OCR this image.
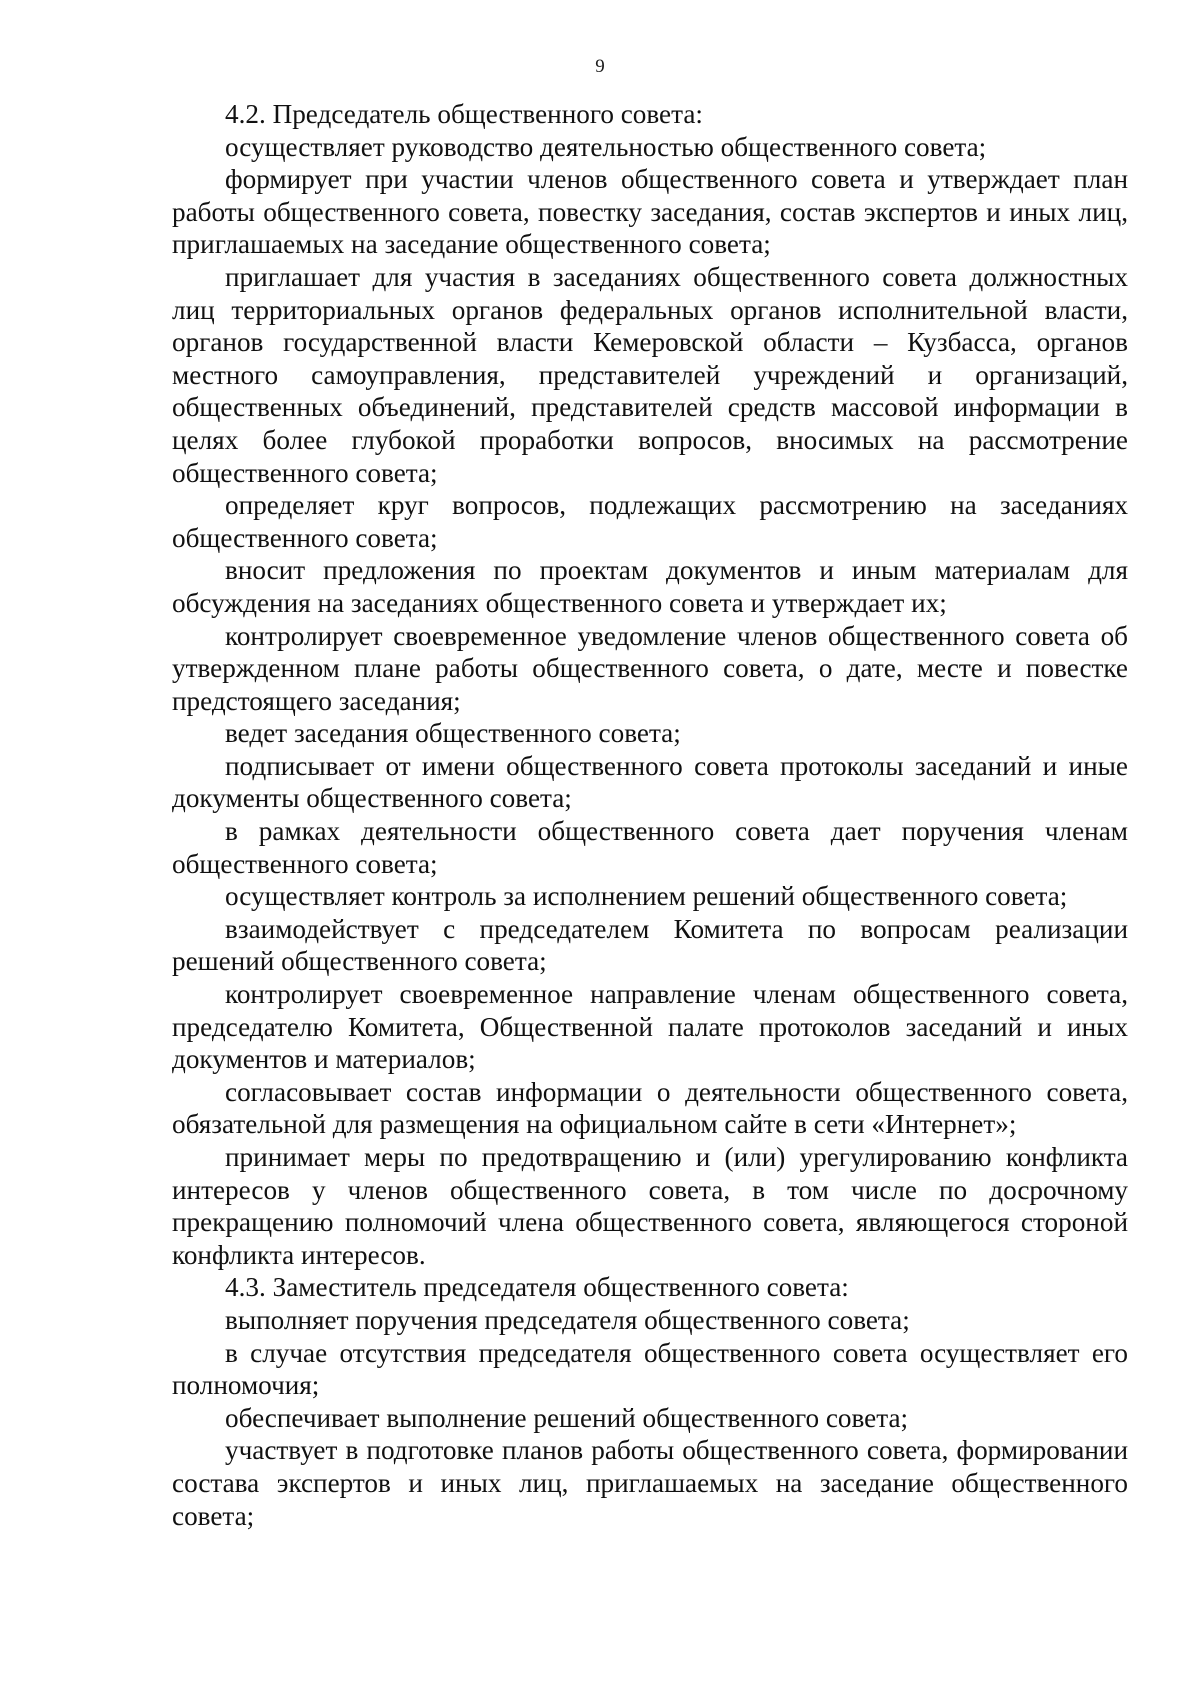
9

4.2. Председатель общественного совета:

осуществляет руководство деятельностью общественного совета;

формирует при участии членов общественного совета и утверждает план работы общественного совета, повестку заседания, состав экспертов и иных лиц, приглашаемых на заседание общественного совета;

приглашает для участия в заседаниях общественного совета должностных лиц территориальных органов федеральных органов исполнительной власти, органов государственной власти Кемеровской области – Кузбасса, органов местного самоуправления, представителей учреждений и организаций, общественных объединений, представителей средств массовой информации в целях более глубокой проработки вопросов, вносимых на рассмотрение общественного совета;

определяет круг вопросов, подлежащих рассмотрению на заседаниях общественного совета;

вносит предложения по проектам документов и иным материалам для обсуждения на заседаниях общественного совета и утверждает их;

контролирует своевременное уведомление членов общественного совета об утвержденном плане работы общественного совета, о дате, месте и повестке предстоящего заседания;

ведет заседания общественного совета;

подписывает от имени общественного совета протоколы заседаний и иные документы общественного совета;

в рамках деятельности общественного совета дает поручения членам общественного совета;

осуществляет контроль за исполнением решений общественного совета;

взаимодействует с председателем Комитета по вопросам реализации решений общественного совета;

контролирует своевременное направление членам общественного совета, председателю Комитета, Общественной палате протоколов заседаний и иных документов и материалов;

согласовывает состав информации о деятельности общественного совета, обязательной для размещения на официальном сайте в сети «Интернет»;

принимает меры по предотвращению и (или) урегулированию конфликта интересов у членов общественного совета, в том числе по досрочному прекращению полномочий члена общественного совета, являющегося стороной конфликта интересов.

4.3. Заместитель председателя общественного совета:

выполняет поручения председателя общественного совета;

в случае отсутствия председателя общественного совета осуществляет его полномочия;

обеспечивает выполнение решений общественного совета;

участвует в подготовке планов работы общественного совета, формировании состава экспертов и иных лиц, приглашаемых на заседание общественного совета;
